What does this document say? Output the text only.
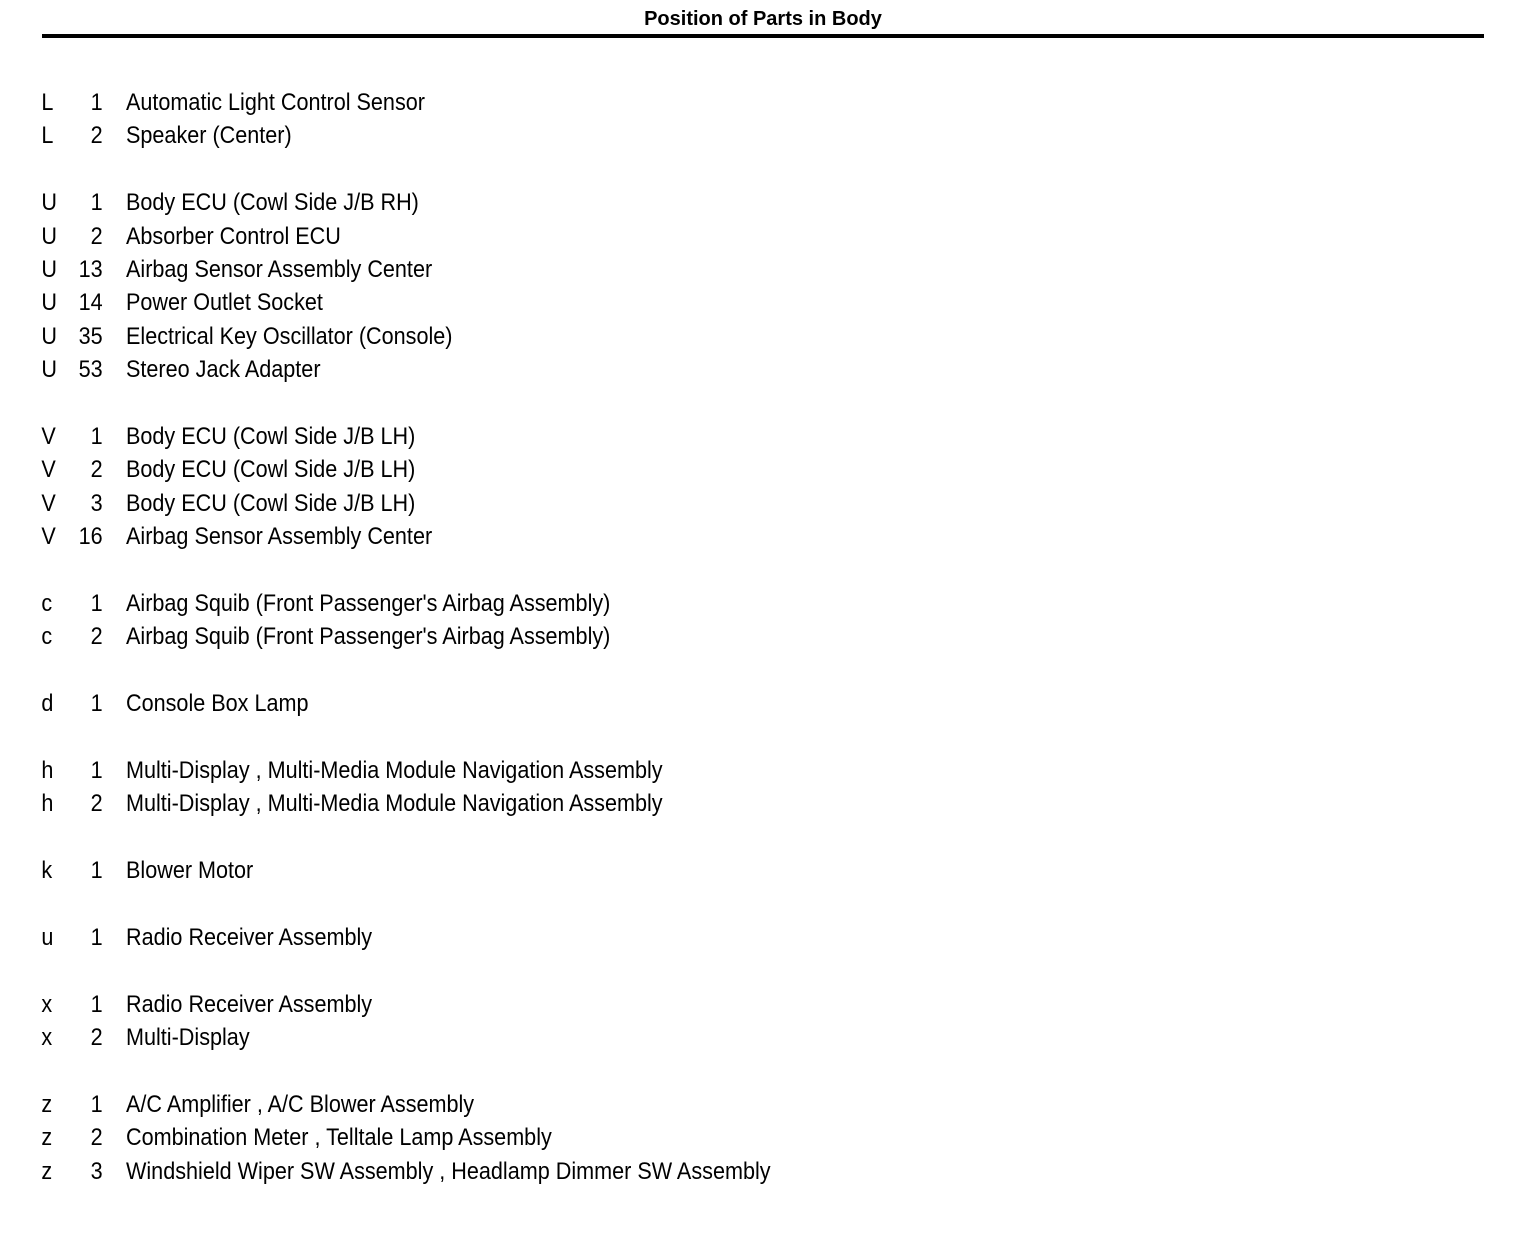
Position of Parts in Body
L	1 Automatic Light Control Sensor
L	2 Speaker (Center)
U	1 Body ECU (Cowl Side J/B RH)
U	2 Absorber Control ECU
U 13 Airbag Sensor Assembly Center
U 14 Power Outlet Socket
U 35 Electrical Key Oscillator (Console)
U 53 Stereo Jack Adapter
V	1 Body ECU (Cowl Side J/B LH)
V	2 Body ECU (Cowl Side J/B LH)
V	3 Body ECU (Cowl Side J/B LH)
V 16 Airbag Sensor Assembly Center
c	1 Airbag Squib (Front Passenger's Airbag Assembly)
c	2 Airbag Squib (Front Passenger's Airbag Assembly)
d	1 Console Box Lamp
h	1 Multi-Display , Multi-Media Module Navigation Assembly
h	2 Multi-Display , Multi-Media Module Navigation Assembly
k	1 Blower Motor
u	1 Radio Receiver Assembly
x	1 Radio Receiver Assembly
x	2 Multi-Display
z	1 A/C Amplifier , A/C Blower Assembly
z	2 Combination Meter , Telltale Lamp Assembly
z	3 Windshield Wiper SW Assembly , Headlamp Dimmer SW Assembly
